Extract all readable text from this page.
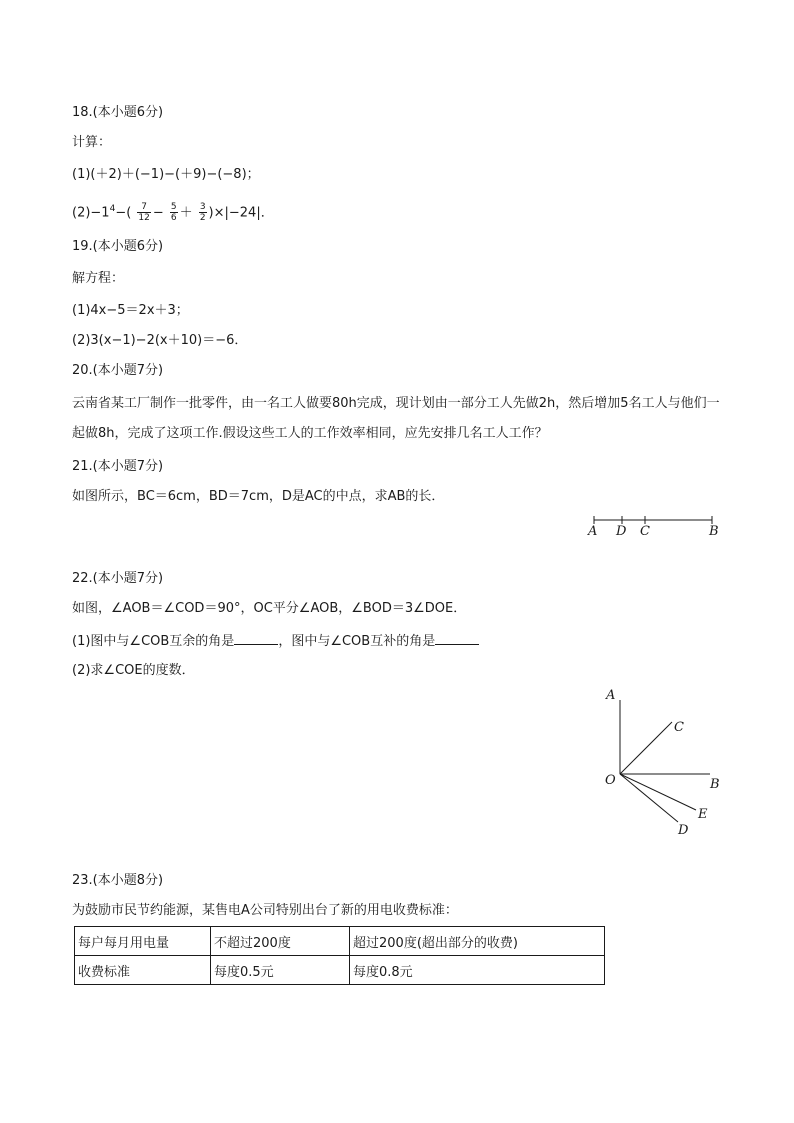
18.(本小题6分)
计算：
(1)(＋2)＋(−1)−(＋9)−(−8)；
$(2)-1^4-( \frac{7}{12} - \frac{5}{6} + \frac{3}{2} )\times|-24|$．
19.(本小题6分)
解方程：
(1)4x−5＝2x＋3；
(2)3(x−1)−2(x＋10)＝−6．
20.(本小题7分)
云南省某工厂制作一批零件，由一名工人做要80h完成，现计划由一部分工人先做2h，然后增加5名工人与他们一起做8h，完成了这项工作.假设这些工人的工作效率相同，应先安排几名工人工作？
21.(本小题7分)
如图所示，BC＝6cm，BD＝7cm，D是AC的中点，求AB的长．
A D C	B
22.(本小题7分)
如图，∠AOB＝∠COD＝90°，OC平分∠AOB，∠BOD＝3∠DOE．
(1)图中与∠COB互余的角是	，图中与∠COB互补的角是
(2)求∠COE的度数．
A
C
O	B
E
D
23.(本小题8分)
为鼓励市民节约能源，某售电A公司特别出台了新的用电收费标准：
每户每月用电量	不超过200度	超过200度(超出部分的收费)
收费标准	每度0.5元	每度0.8元
